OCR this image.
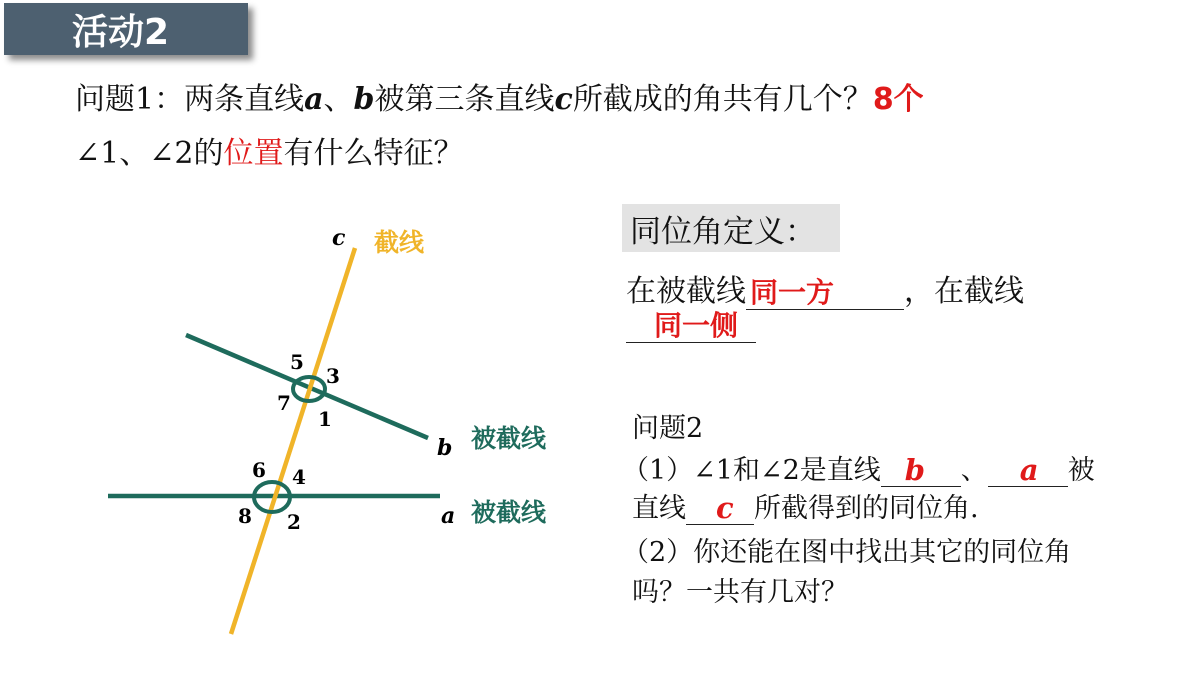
活动2
问题1：两条直线a、b被第三条直线c所截成的角共有几个？8个
∠1、∠2的位置有什么特征？
同位角定义：
在被截线 同一方 ，在截线
同一侧
问题2
（1）∠1和∠2是直线 b 、 a 被
直线 c 所截得到的同位角.
（2）你还能在图中找出其它的同位角
吗？一共有几对？
c 截线
b 被截线
a 被截线
5
3
7
1
6 4
8 2
